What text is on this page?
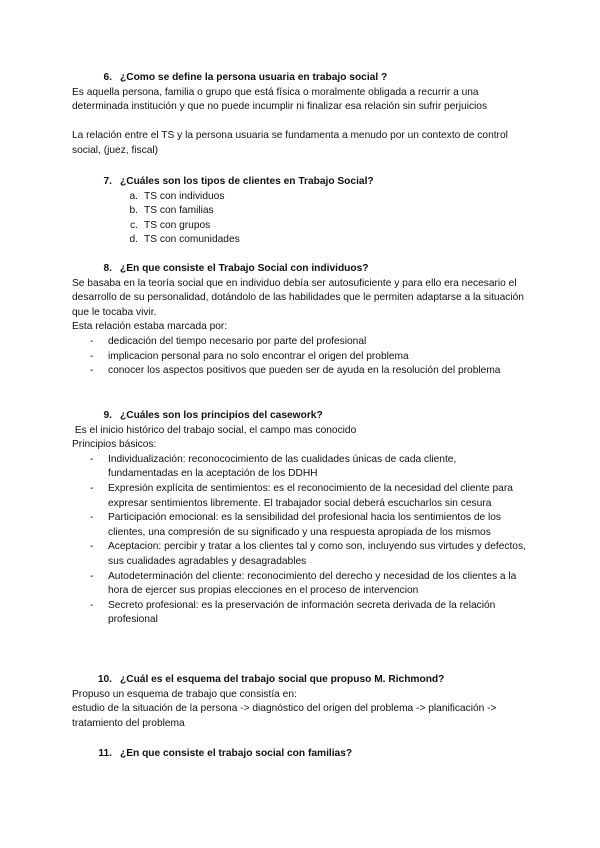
6. ¿Como se define la persona usuaria en trabajo social ?

Es aquella persona, familia o grupo que está física o moralmente obligada a recurrir a una determinada institución y que no puede incumplir ni finalizar esa relación sin sufrir perjuicios

La relación entre el TS y la persona usuaria se fundamenta a menudo por un contexto de control social, (juez, fiscal)

7. ¿Cuáles son los tipos de clientes en Trabajo Social?
a. TS con individuos
b. TS con familias
c. TS con grupos
d. TS con comunidades
8. ¿En que consiste el Trabajo Social con individuos?

Se basaba en la teoría social que en individuo debía ser autosuficiente y para ello era necesario el desarrollo de su personalidad, dotándolo de las habilidades que le permiten adaptarse a la situación que le tocaba vivir.

Esta relación estaba marcada por:

-	dedicación del tiempo necesario por parte del profesional
-	implicacion personal para no solo encontrar el origen del problema
-	conocer los aspectos positivos que pueden ser de ayuda en la resolución del problema
9. ¿Cuáles son los principios del casework?

Es el inicio histórico del trabajo social, el campo mas conocido

Principios básicos:

-	Individualización: reconococimiento de las cualidades únicas de cada cliente, fundamentadas en la aceptación de los DDHH
-	Expresión explícita de sentimientos: es el reconocimiento de la necesidad del cliente para expresar sentimientos libremente. El trabajador social deberá escucharlos sin cesura
-	Participación emocional: es la sensibilidad del profesional hacia los sentimientos de los clientes, una compresión de su significado y una respuesta apropiada de los mismos
-	Aceptacion: percibir y tratar a los clientes tal y como son, incluyendo sus virtudes y defectos, sus cualidades agradables y desagradables
-	Autodeterminación del cliente: reconocimiento del derecho y necesidad de los clientes a la hora de ejercer sus propias elecciones en el proceso de intervencion
-	Secreto profesional: es la preservación de información secreta derivada de la relación profesional
10. ¿Cuál es el esquema del trabajo social que propuso M. Richmond?

Propuso un esquema de trabajo que consistía en:

estudio de la situación de la persona -> diagnóstico del origen del problema -> planificación -> tratamiento del problema

11. ¿En que consiste el trabajo social con familias?
